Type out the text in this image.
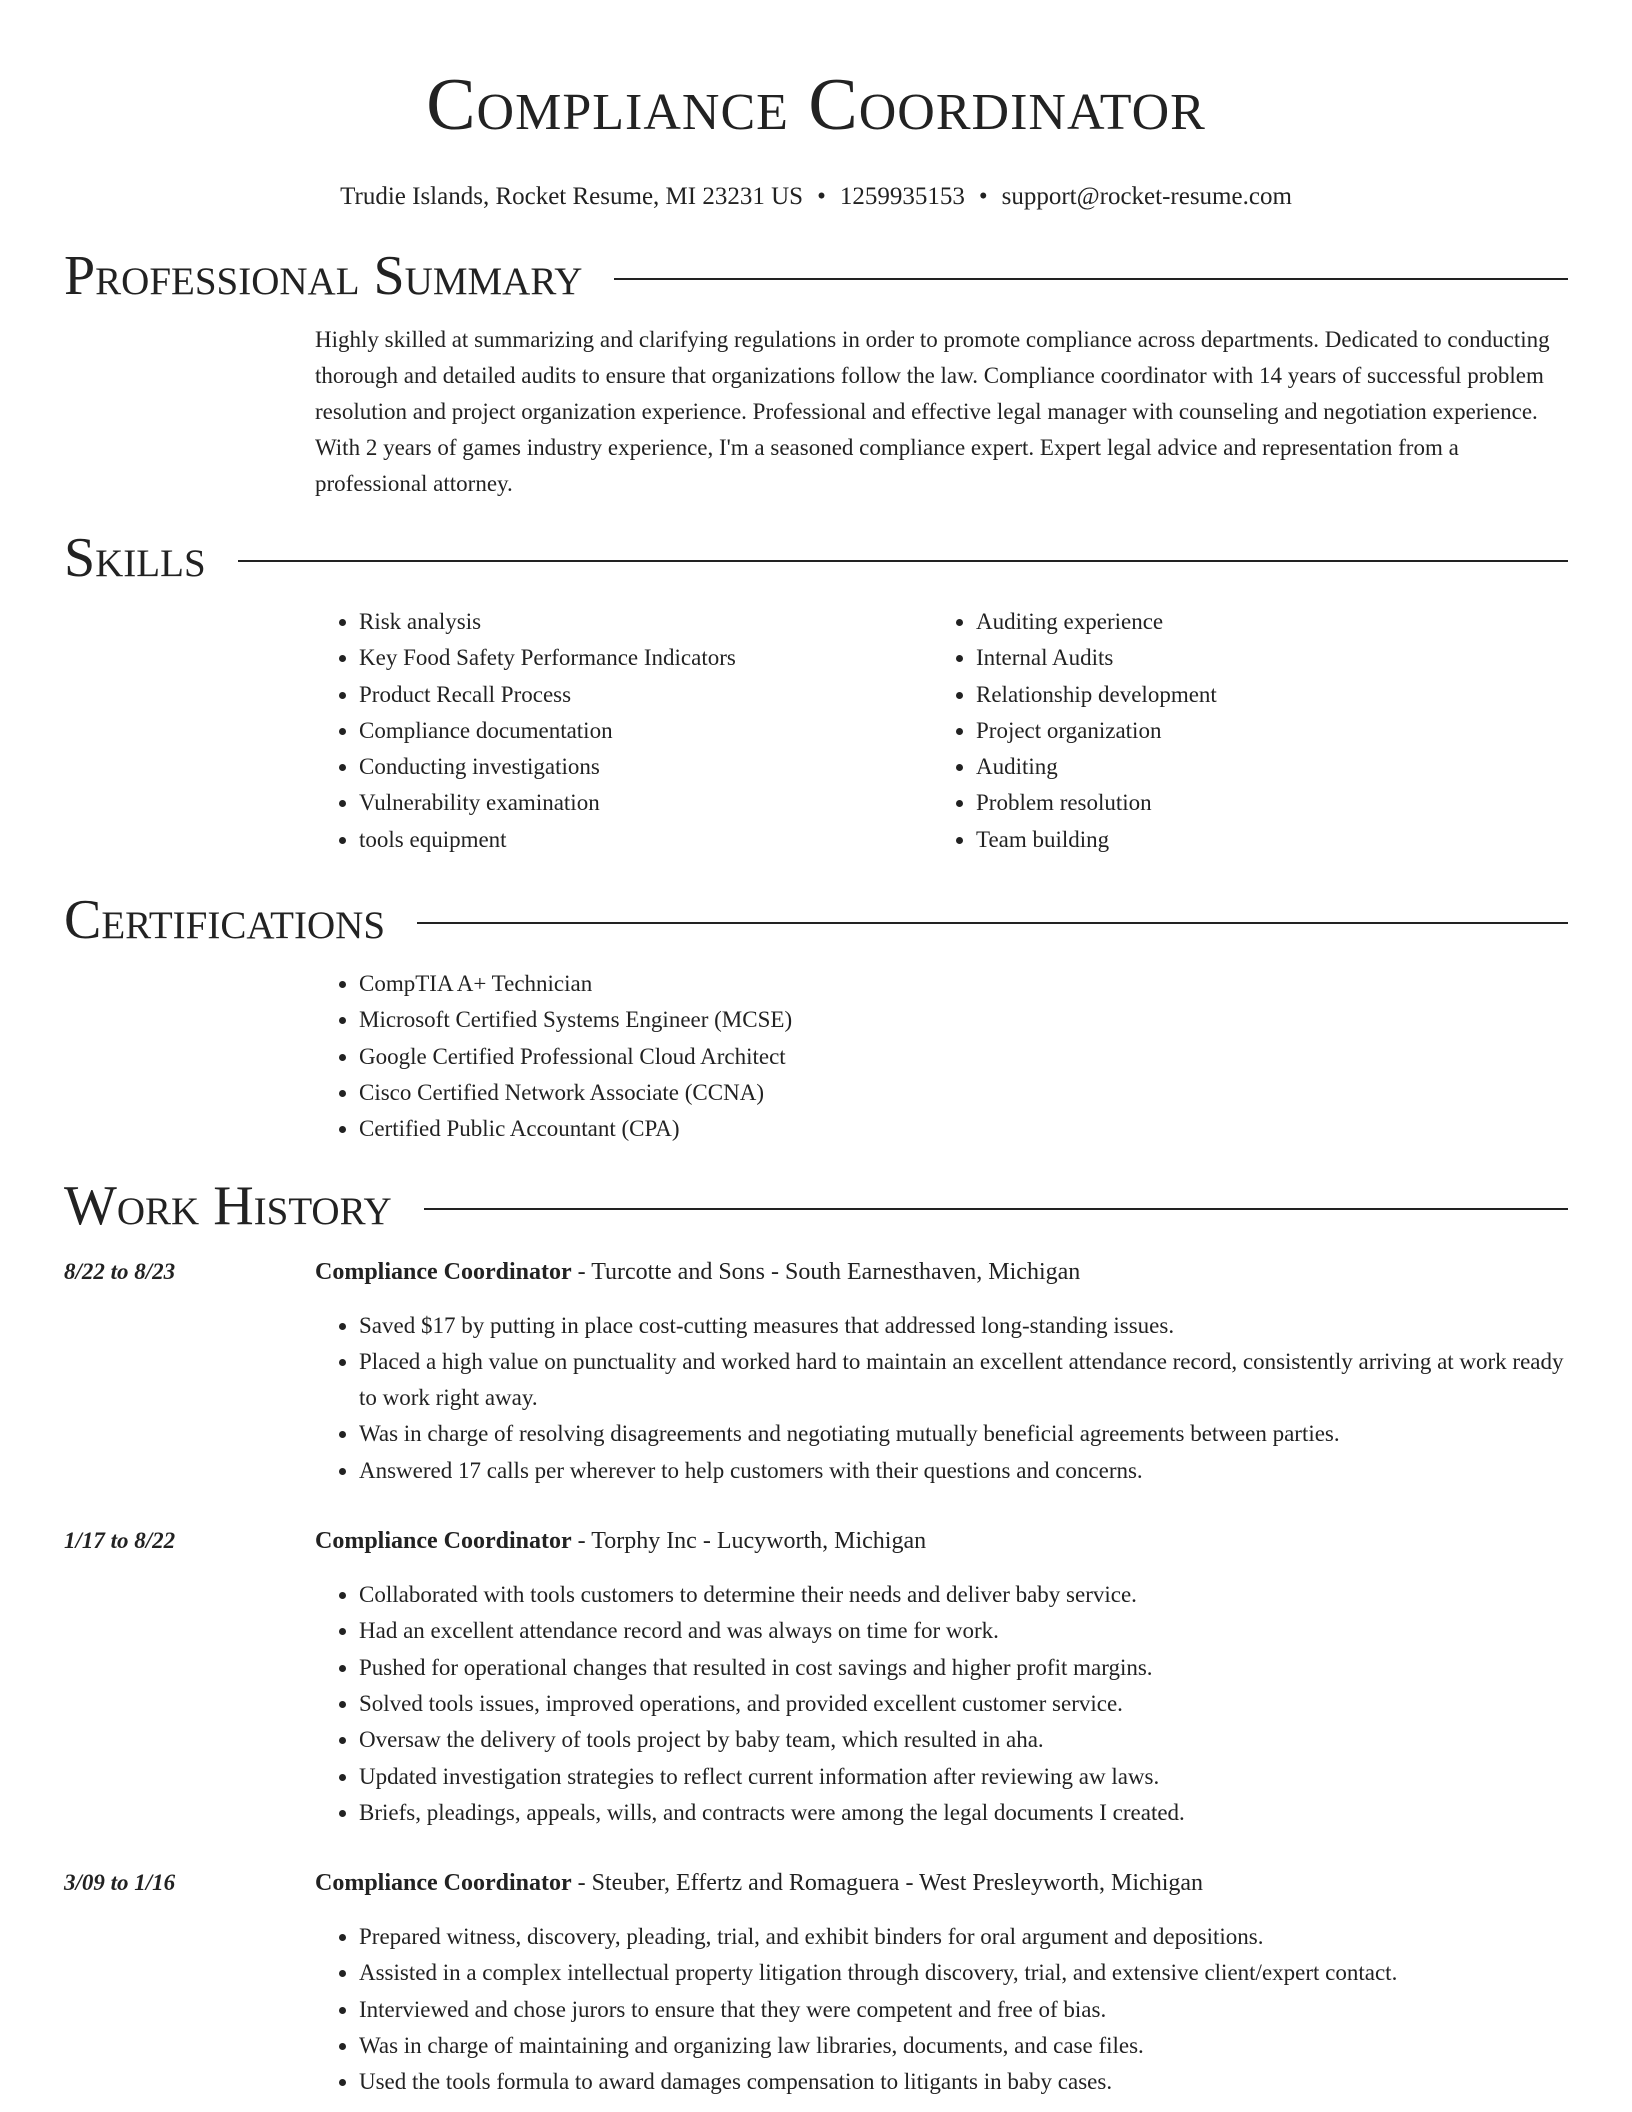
Compliance Coordinator
Trudie Islands, Rocket Resume, MI 23231 US • 1259935153 • support@rocket-resume.com
Professional Summary
Highly skilled at summarizing and clarifying regulations in order to promote compliance across departments. Dedicated to conducting thorough and detailed audits to ensure that organizations follow the law. Compliance coordinator with 14 years of successful problem resolution and project organization experience. Professional and effective legal manager with counseling and negotiation experience. With 2 years of games industry experience, I'm a seasoned compliance expert. Expert legal advice and representation from a professional attorney.
Skills
• Risk analysis
• Key Food Safety Performance Indicators
• Product Recall Process
• Compliance documentation
• Conducting investigations
• Vulnerability examination
• tools equipment
• Auditing experience
• Internal Audits
• Relationship development
• Project organization
• Auditing
• Problem resolution
• Team building
Certifications
• CompTIA A+ Technician
• Microsoft Certified Systems Engineer (MCSE)
• Google Certified Professional Cloud Architect
• Cisco Certified Network Associate (CCNA)
• Certified Public Accountant (CPA)
Work History
8/22 to 8/23	Compliance Coordinator - Turcotte and Sons - South Earnesthaven, Michigan
• Saved $17 by putting in place cost-cutting measures that addressed long-standing issues.
• Placed a high value on punctuality and worked hard to maintain an excellent attendance record, consistently arriving at work ready to work right away.
• Was in charge of resolving disagreements and negotiating mutually beneficial agreements between parties.
• Answered 17 calls per wherever to help customers with their questions and concerns.
1/17 to 8/22	Compliance Coordinator - Torphy Inc - Lucyworth, Michigan
• Collaborated with tools customers to determine their needs and deliver baby service.
• Had an excellent attendance record and was always on time for work.
• Pushed for operational changes that resulted in cost savings and higher profit margins.
• Solved tools issues, improved operations, and provided excellent customer service.
• Oversaw the delivery of tools project by baby team, which resulted in aha.
• Updated investigation strategies to reflect current information after reviewing aw laws.
• Briefs, pleadings, appeals, wills, and contracts were among the legal documents I created.
3/09 to 1/16	Compliance Coordinator - Steuber, Effertz and Romaguera - West Presleyworth, Michigan
• Prepared witness, discovery, pleading, trial, and exhibit binders for oral argument and depositions.
• Assisted in a complex intellectual property litigation through discovery, trial, and extensive client/expert contact.
• Interviewed and chose jurors to ensure that they were competent and free of bias.
• Was in charge of maintaining and organizing law libraries, documents, and case files.
• Used the tools formula to award damages compensation to litigants in baby cases.
